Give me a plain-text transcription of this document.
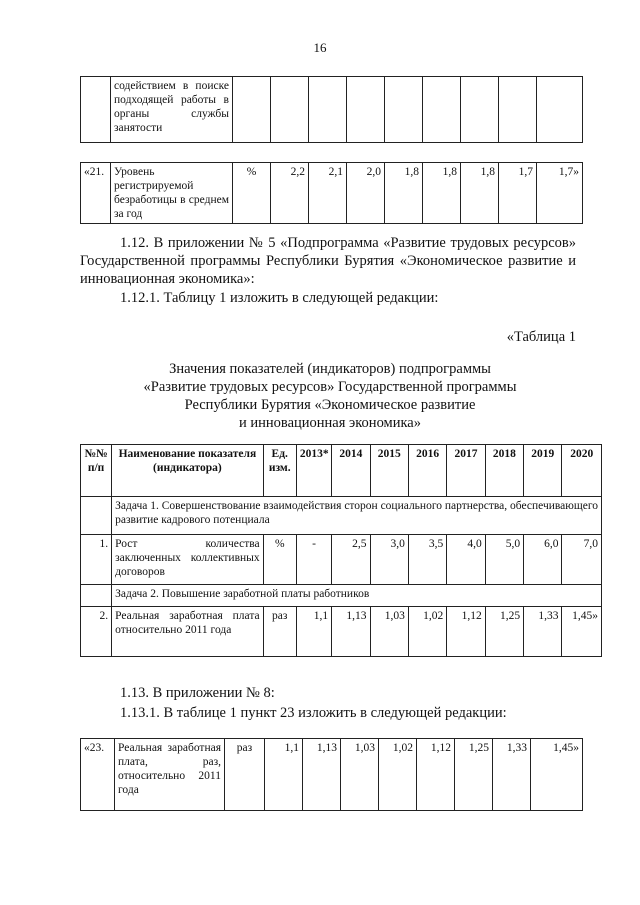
16
	содействием в поиске подходящей работы в органы службы занятости									
«21.	Уровень регистрируемой безработицы в среднем за год	%	2,2	2,1	2,0	1,8	1,8	1,8	1,7	1,7»
1.12. В приложении № 5 «Подпрограмма «Развитие трудовых ресурсов» Государственной программы Республики Бурятия «Экономическое развитие и инновационная экономика»:
1.12.1. Таблицу 1 изложить в следующей редакции:
«Таблица 1
Значения показателей (индикаторов) подпрограммы
«Развитие трудовых ресурсов» Государственной программы
Республики Бурятия «Экономическое развитие
и инновационная экономика»
№№ п/п	Наименование показателя (индикатора)	Ед. изм.	2013*	2014	2015	2016	2017	2018	2019	2020
	Задача 1. Совершенствование взаимодействия сторон социального партнерства, обеспечивающего развитие кадрового потенциала									
1.	Рост количества заключенных коллективных договоров	%	-	2,5	3,0	3,5	4,0	5,0	6,0	7,0
	Задача 2. Повышение заработной платы работников									
2.	Реальная заработная плата относительно 2011 года	раз	1,1	1,13	1,03	1,02	1,12	1,25	1,33	1,45»
1.13. В приложении № 8:
1.13.1. В таблице 1 пункт 23 изложить в следующей редакции:
«23.	Реальная заработная плата, раз, относительно 2011 года	раз	1,1	1,13	1,03	1,02	1,12	1,25	1,33	1,45»
